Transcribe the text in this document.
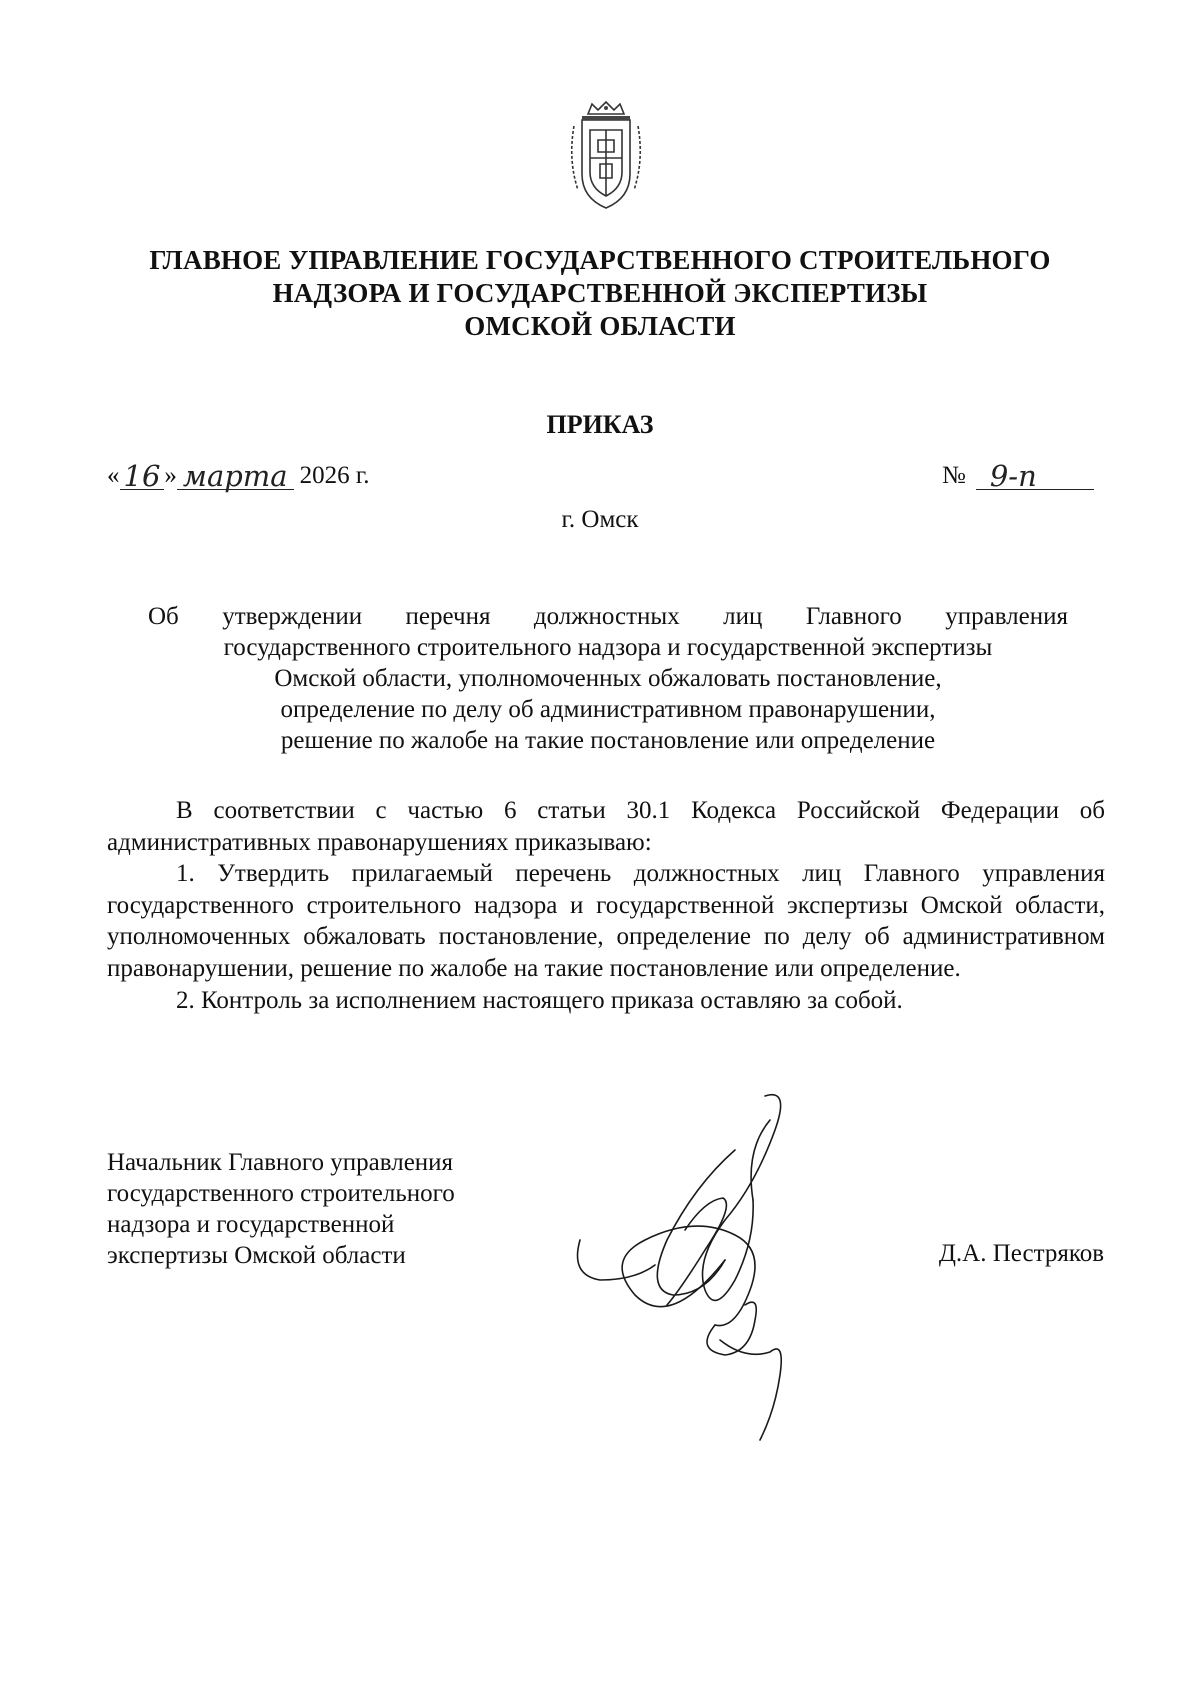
ГЛАВНОЕ УПРАВЛЕНИЕ ГОСУДАРСТВЕННОГО СТРОИТЕЛЬНОГО
НАДЗОРА И ГОСУДАРСТВЕННОЙ ЭКСПЕРТИЗЫ
ОМСКОЙ ОБЛАСТИ
ПРИКАЗ
« 16 » марта 2026 г.	№ 9-п
г. Омск
Об утверждении перечня должностных лиц Главного управления
государственного строительного надзора и государственной экспертизы
Омской области, уполномоченных обжаловать постановление,
определение по делу об административном правонарушении,
решение по жалобе на такие постановление или определение

В соответствии с частью 6 статьи 30.1 Кодекса Российской Федерации об административных правонарушениях приказываю:

1. Утвердить прилагаемый перечень должностных лиц Главного управления государственного строительного надзора и государственной экспертизы Омской области, уполномоченных обжаловать постановление, определение по делу об административном правонарушении, решение по жалобе на такие постановление или определение.

2. Контроль за исполнением настоящего приказа оставляю за собой.

Начальник Главного управления
государственного строительного
надзора и государственной
экспертизы Омской области	Д.А. Пестряков
